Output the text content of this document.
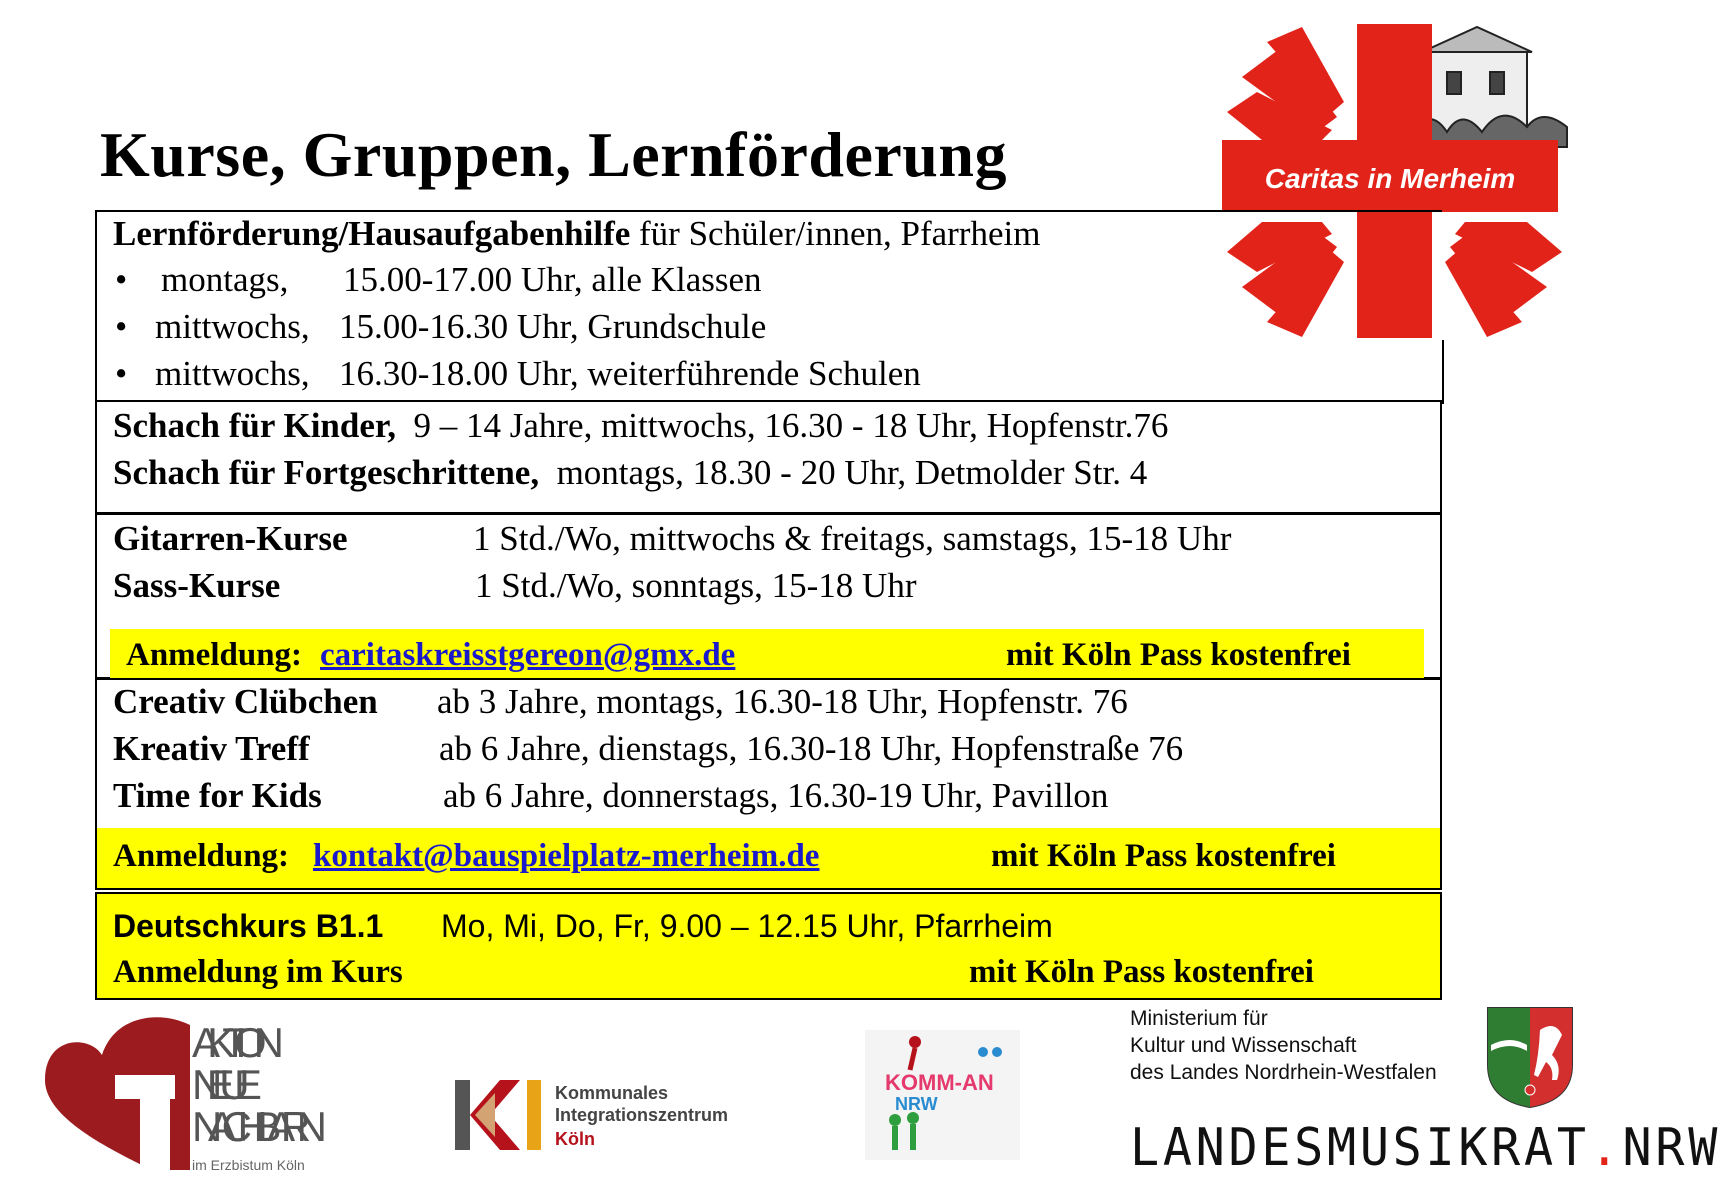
Kurse, Gruppen, Lernförderung	Caritas in Merheim
Lernförderung/Hausaufgabenhilfe für Schüler/innen, Pfarrheim
• montags, 15.00-17.00 Uhr, alle Klassen
• mittwochs, 15.00-16.30 Uhr, Grundschule
• mittwochs, 16.30-18.00 Uhr, weiterführende Schulen
Schach für Kinder, 9 – 14 Jahre, mittwochs, 16.30 - 18 Uhr, Hopfenstr.76
Schach für Fortgeschrittene, montags, 18.30 - 20 Uhr, Detmolder Str. 4
Gitarren-Kurse	1 Std./Wo, mittwochs & freitags, samstags, 15-18 Uhr
Sass-Kurse	1 Std./Wo, sonntags, 15-18 Uhr
Anmeldung: caritaskreisstgereon@gmx.de	mit Köln Pass kostenfrei
Creativ Clübchen ab 3 Jahre, montags, 16.30-18 Uhr, Hopfenstr. 76
Kreativ Treff	ab 6 Jahre, dienstags, 16.30-18 Uhr, Hopfenstraße 76
Time for Kids	ab 6 Jahre, donnerstags, 16.30-19 Uhr, Pavillon
Anmeldung: kontakt@bauspielplatz-merheim.de	mit Köln Pass kostenfrei
Deutschkurs B1.1 Mo, Mi, Do, Fr, 9.00 – 12.15 Uhr, Pfarrheim
Anmeldung im Kurs	mit Köln Pass kostenfrei
AKTION
NEUE
NACHBARN
im Erzbistum Köln
Kommunales
Integrationszentrum
Köln
KOMM-AN
NRW
Ministerium für
Kultur und Wissenschaft
des Landes Nordrhein-Westfalen
LANDESMUSIKRAT.NRW
